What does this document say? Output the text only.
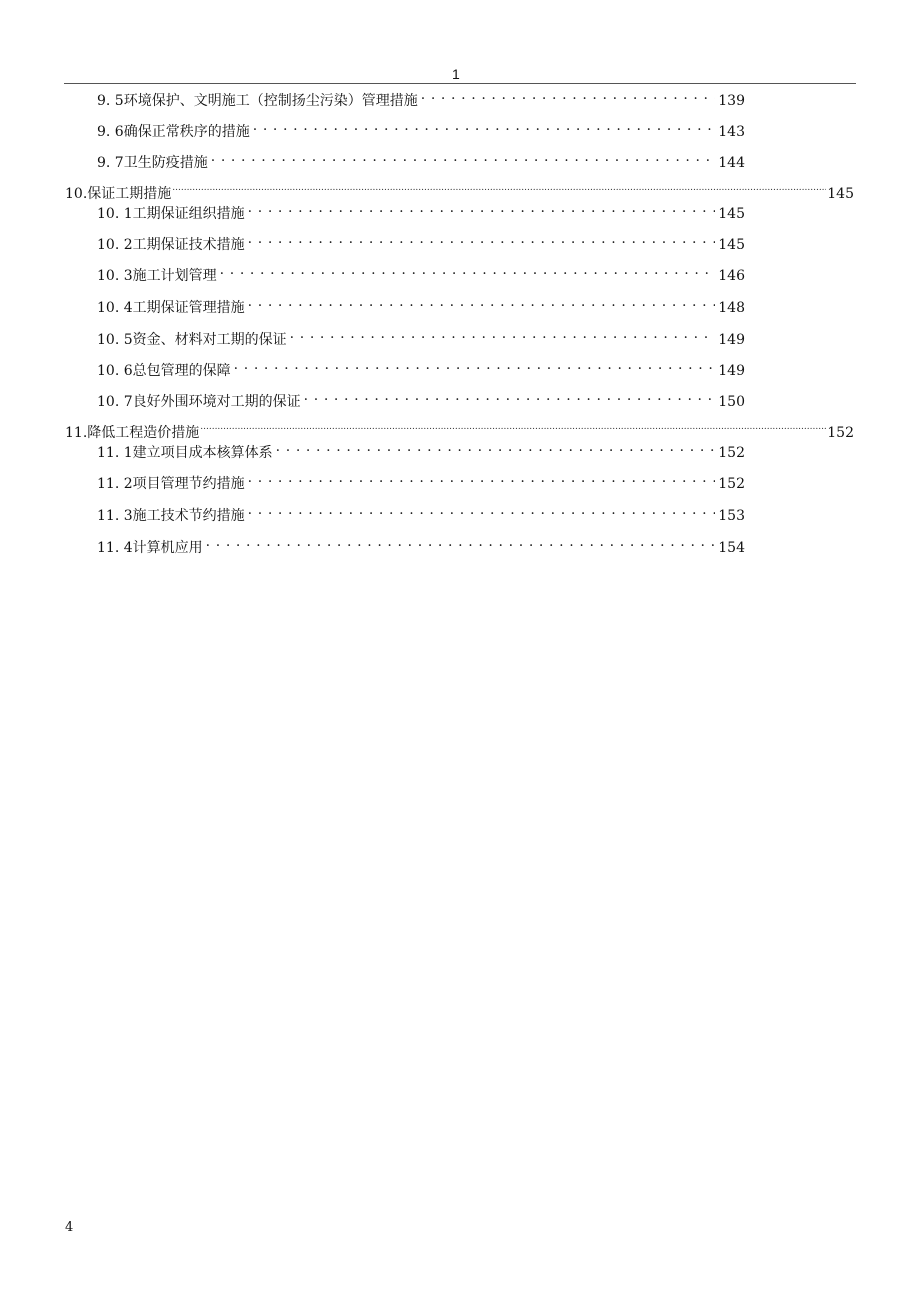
1
9. 5环境保护、文明施工（控制扬尘污染）管理措施 . . .	139
9. 6确保正常秩序的措施 . . .	143
9. 7卫生防疫措施 . . .	144
10.保证工期措施 .....	145
10. 1工期保证组织措施 . . .	145
10. 2工期保证技术措施 . . .	145
10. 3施工计划管理 . . .	146
10. 4工期保证管理措施 . . .	148
10. 5资金、材料对工期的保证 . . .	149
10. 6总包管理的保障 . . .	149
10. 7良好外围环境对工期的保证 . . .	150
11.降低工程造价措施 .....	152
11. 1建立项目成本核算体系 . . .	152
11. 2项目管理节约措施 . . .	152
11. 3施工技术节约措施 . . .	153
11. 4计算机应用 . . .	154
4
